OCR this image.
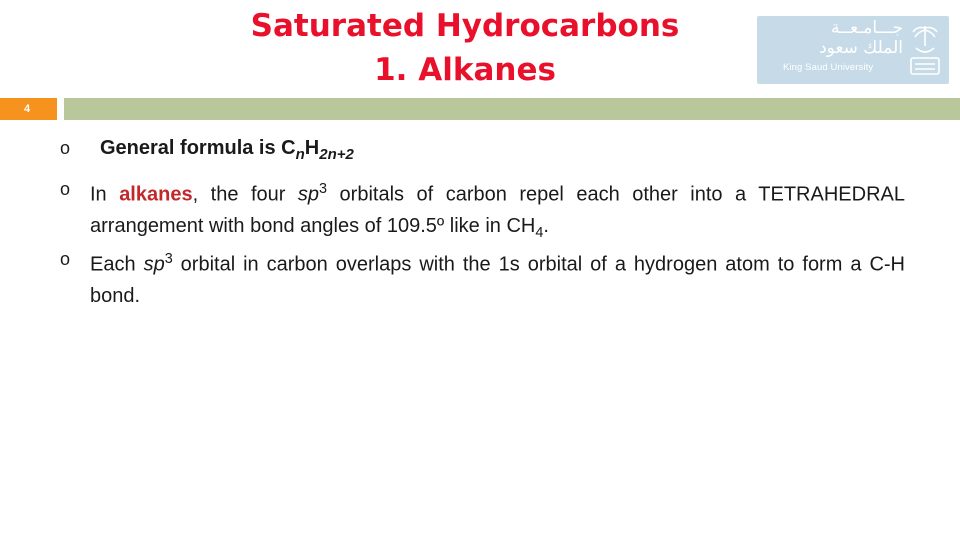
Saturated Hydrocarbons
1. Alkanes
جـــامـعــة
الملك سعود
King Saud University
4
o General formula is $C_nH_{2n+2}$
o In alkanes, the four $sp^3$ orbitals of carbon repel each other into a TETRAHEDRAL arrangement with bond angles of 109.5º like in $CH_4$.
o Each $sp^3$ orbital in carbon overlaps with the 1s orbital of a hydrogen atom to form a C-H bond.
